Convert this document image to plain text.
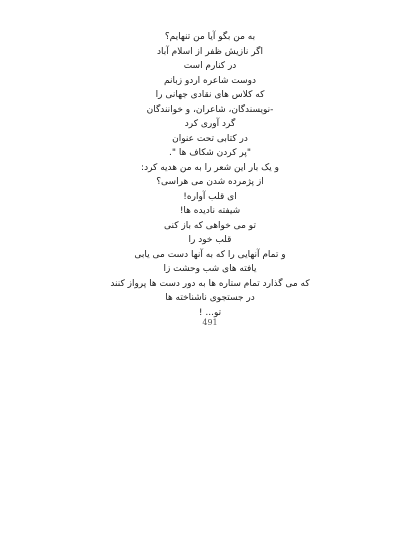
به من بگو آیا من تنهایم؟
اگر نازیش ظفر از اسلام آباد
در کنارم است
دوست شاعره اردو زبانم
که کلاس های نقادی جهانی را
-نویسندگان، شاعران، و خوانندگان
گرد آوری کرد
در کتابی تحت عنوان
"پر کردن شکاف ها ".
و یک بار این شعر را به من هدیه کرد:
از پژمرده شدن می هراسی؟
ای قلب آواره!
شیفته نادیده ها!
تو می خواهی که باز کنی
قلب خود را
و تمام آنهایی را که به آنها دست می یابی
یافته های شب وحشت زا
که می گذارد تمام ستاره ها به دور دست ها پرواز کنند
در جستجوی ناشناخته ها
تو... !
491
